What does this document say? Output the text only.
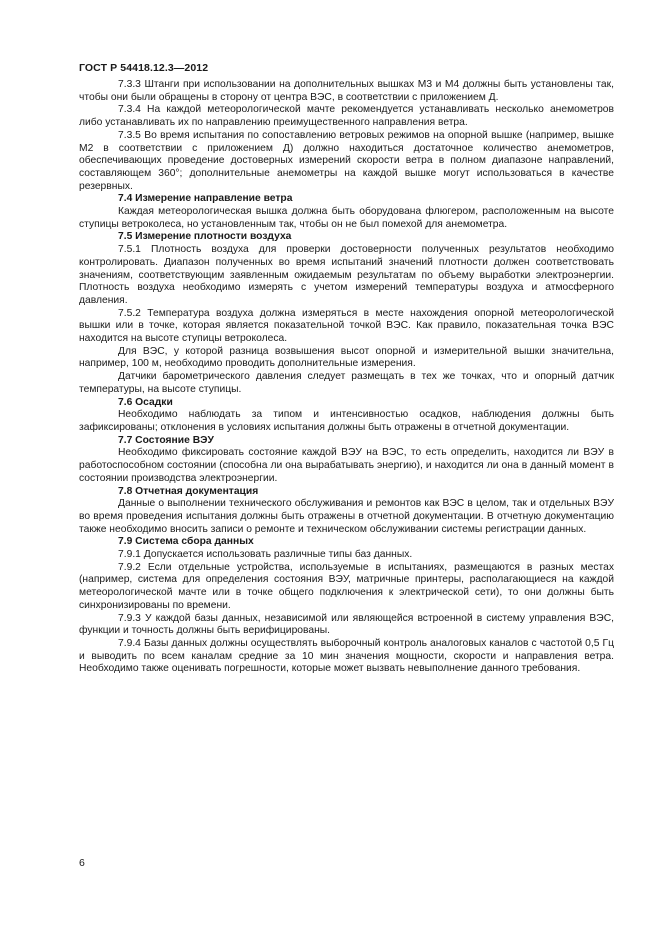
ГОСТ Р 54418.12.3—2012

7.3.3 Штанги при использовании на дополнительных вышках М3 и М4 должны быть установлены так, чтобы они были обращены в сторону от центра ВЭС, в соответствии с приложением Д.

7.3.4 На каждой метеорологической мачте рекомендуется устанавливать несколько анемометров либо устанавливать их по направлению преимущественного направления ветра.

7.3.5 Во время испытания по сопоставлению ветровых режимов на опорной вышке (например, вышке М2 в соответствии с приложением Д) должно находиться достаточное количество анемометров, обеспечивающих проведение достоверных измерений скорости ветра в полном диапазоне направлений, составляющем 360°; дополнительные анемометры на каждой вышке могут использоваться в качестве резервных.

7.4 Измерение направление ветра

Каждая метеорологическая вышка должна быть оборудована флюгером, расположенным на высоте ступицы ветроколеса, но установленным так, чтобы он не был помехой для анемометра.

7.5 Измерение плотности воздуха

7.5.1 Плотность воздуха для проверки достоверности полученных результатов необходимо контролировать. Диапазон полученных во время испытаний значений плотности должен соответствовать значениям, соответствующим заявленным ожидаемым результатам по объему выработки электроэнергии. Плотность воздуха необходимо измерять с учетом измерений температуры воздуха и атмосферного давления.

7.5.2 Температура воздуха должна измеряться в месте нахождения опорной метеорологической вышки или в точке, которая является показательной точкой ВЭС. Как правило, показательная точка ВЭС находится на высоте ступицы ветроколеса.

Для ВЭС, у которой разница возвышения высот опорной и измерительной вышки значительна, например, 100 м, необходимо проводить дополнительные измерения.

Датчики барометрического давления следует размещать в тех же точках, что и опорный датчик температуры, на высоте ступицы.

7.6 Осадки

Необходимо наблюдать за типом и интенсивностью осадков, наблюдения должны быть зафиксированы; отклонения в условиях испытания должны быть отражены в отчетной документации.

7.7 Состояние ВЭУ

Необходимо фиксировать состояние каждой ВЭУ на ВЭС, то есть определить, находится ли ВЭУ в работоспособном состоянии (способна ли она вырабатывать энергию), и находится ли она в данный момент в состоянии производства электроэнергии.

7.8 Отчетная документация

Данные о выполнении технического обслуживания и ремонтов как ВЭС в целом, так и отдельных ВЭУ во время проведения испытания должны быть отражены в отчетной документации. В отчетную документацию также необходимо вносить записи о ремонте и техническом обслуживании системы регистрации данных.

7.9 Система сбора данных

7.9.1 Допускается использовать различные типы баз данных.

7.9.2 Если отдельные устройства, используемые в испытаниях, размещаются в разных местах (например, система для определения состояния ВЭУ, матричные принтеры, располагающиеся на каждой метеорологической мачте или в точке общего подключения к электрической сети), то они должны быть синхронизированы по времени.

7.9.3 У каждой базы данных, независимой или являющейся встроенной в систему управления ВЭС, функции и точность должны быть верифицированы.

7.9.4 Базы данных должны осуществлять выборочный контроль аналоговых каналов с частотой 0,5 Гц и выводить по всем каналам средние за 10 мин значения мощности, скорости и направления ветра. Необходимо также оценивать погрешности, которые может вызвать невыполнение данного требования.

6
